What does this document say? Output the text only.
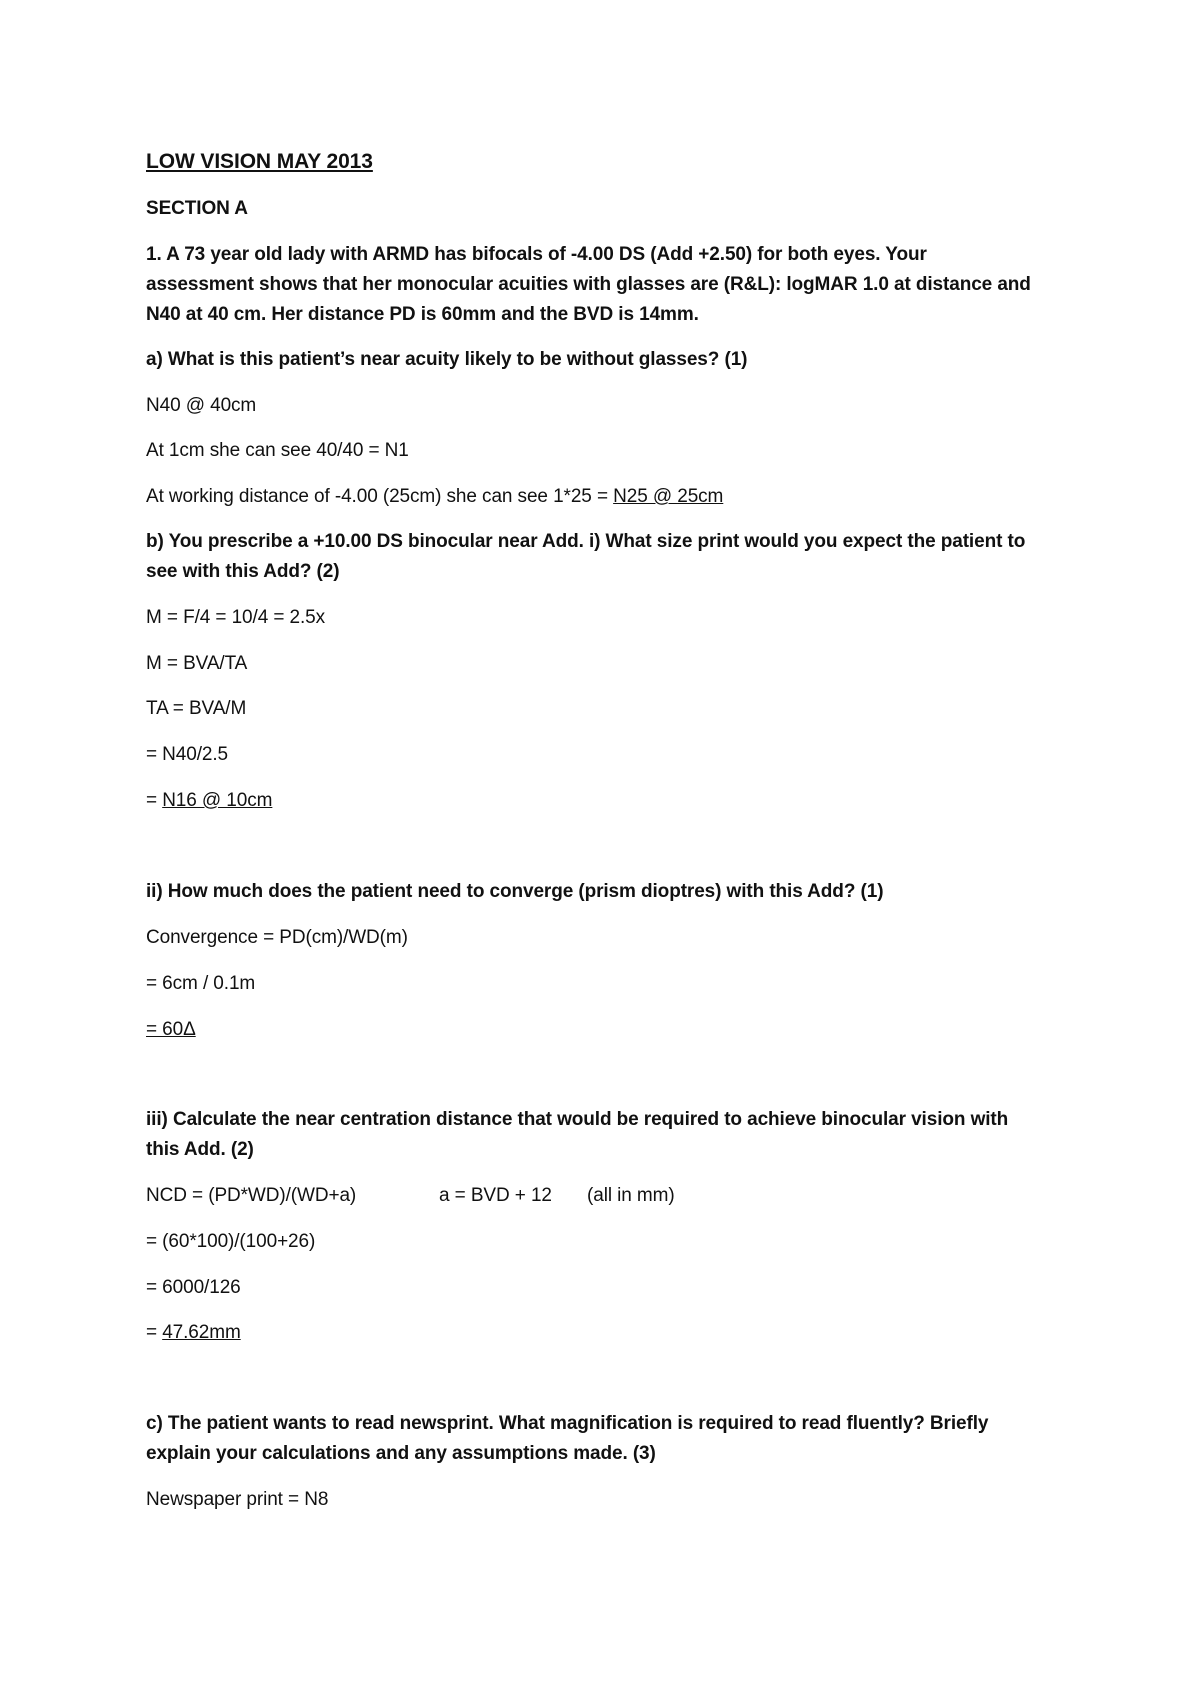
LOW VISION MAY 2013
SECTION A
1. A 73 year old lady with ARMD has bifocals of -4.00 DS (Add +2.50) for both eyes. Your
assessment shows that her monocular acuities with glasses are (R&L): logMAR 1.0 at distance and
N40 at 40 cm. Her distance PD is 60mm and the BVD is 14mm.
a) What is this patient’s near acuity likely to be without glasses? (1)
N40 @ 40cm
At 1cm she can see 40/40 = N1
At working distance of -4.00 (25cm) she can see 1*25 = N25 @ 25cm
b) You prescribe a +10.00 DS binocular near Add. i) What size print would you expect the patient to
see with this Add? (2)
M = F/4 = 10/4 = 2.5x
M = BVA/TA
TA = BVA/M
= N40/2.5
= N16 @ 10cm
ii) How much does the patient need to converge (prism dioptres) with this Add? (1)
Convergence = PD(cm)/WD(m)
= 6cm / 0.1m
= 60Δ
iii) Calculate the near centration distance that would be required to achieve binocular vision with
this Add. (2)
NCD = (PD*WD)/(WD+a)	a = BVD + 12 (all in mm)
= (60*100)/(100+26)
= 6000/126
= 47.62mm
c) The patient wants to read newsprint. What magnification is required to read fluently? Briefly
explain your calculations and any assumptions made. (3)
Newspaper print = N8
